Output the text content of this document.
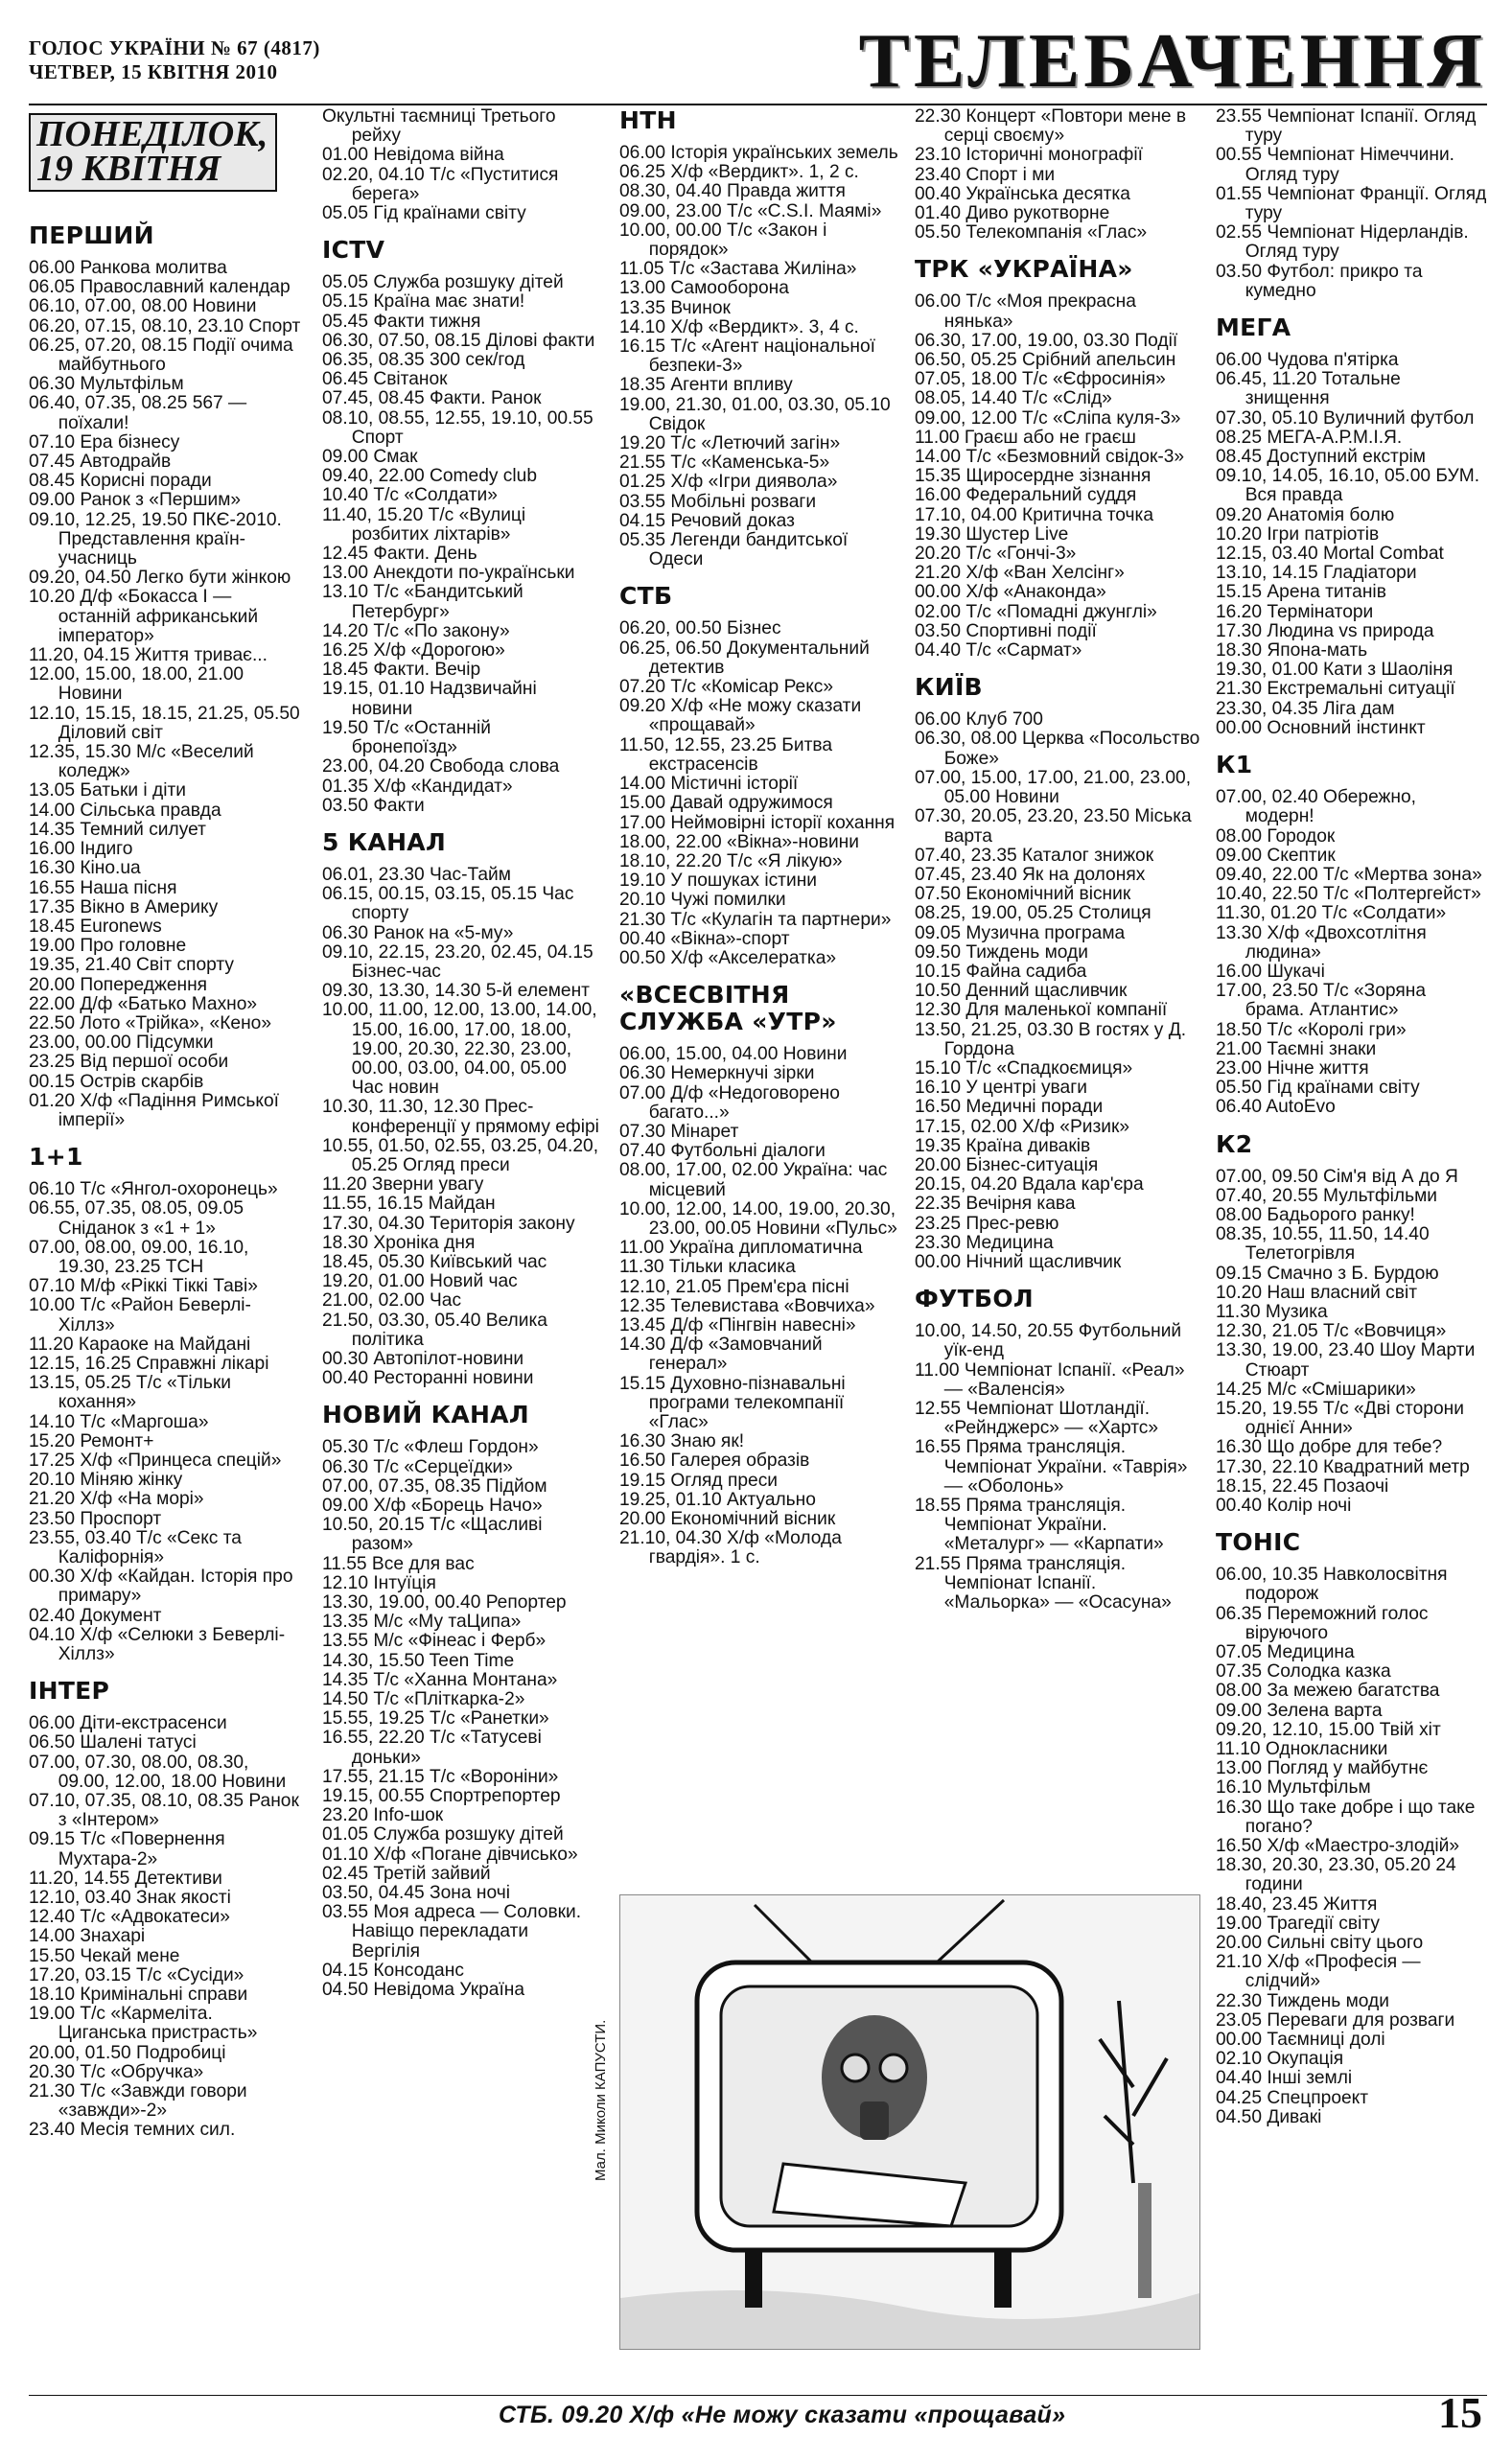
ГОЛОС УКРАЇНИ № 67 (4817)
ЧЕТВЕР, 15 КВІТНЯ 2010	ТЕЛЕБАЧЕННЯ
ПОНЕДІЛОК,
19 КВІТНЯ
ПЕРШИЙ
06.00 Ранкова молитва
06.05 Православний календар
06.10, 07.00, 08.00 Новини
06.20, 07.15, 08.10, 23.10 Спорт
06.25, 07.20, 08.15 Події очима майбутнього
06.30 Мультфільм
06.40, 07.35, 08.25 567 — поїхали!
07.10 Ера бізнесу
07.45 Автодрайв
08.45 Корисні поради
09.00 Ранок з «Першим»
09.10, 12.25, 19.50 ПКЄ-2010. Представлення країн-учасниць
09.20, 04.50 Легко бути жінкою
10.20 Д/ф «Бокасса I — останній африканський імператор»
11.20, 04.15 Життя триває...
12.00, 15.00, 18.00, 21.00 Новини
12.10, 15.15, 18.15, 21.25, 05.50 Діловий світ
12.35, 15.30 М/с «Веселий коледж»
13.05 Батьки і діти
14.00 Сільська правда
14.35 Темний силует
16.00 Індиго
16.30 Кіно.ua
16.55 Наша пісня
17.35 Вікно в Америку
18.45 Euronews
19.00 Про головне
19.35, 21.40 Світ спорту
20.00 Попередження
22.00 Д/ф «Батько Махно»
22.50 Лото «Трійка», «Кено»
23.00, 00.00 Підсумки
23.25 Від першої особи
00.15 Острів скарбів
01.20 Х/ф «Падіння Римської імперії»
1+1
06.10 Т/с «Янгол-охоронець»
06.55, 07.35, 08.05, 09.05 Сніданок з «1 + 1»
07.00, 08.00, 09.00, 16.10, 19.30, 23.25 ТСН
07.10 М/ф «Ріккі Тіккі Таві»
10.00 Т/с «Район Беверлі-Хіллз»
11.20 Караоке на Майдані
12.15, 16.25 Справжні лікарі
13.15, 05.25 Т/с «Тільки кохання»
14.10 Т/с «Маргоша»
15.20 Ремонт+
17.25 Х/ф «Принцеса спецій»
20.10 Міняю жінку
21.20 Х/ф «На морі»
23.50 Проспорт
23.55, 03.40 Т/с «Секс та Каліфорнія»
00.30 Х/ф «Кайдан. Історія про примару»
02.40 Документ
04.10 Х/ф «Селюки з Беверлі-Хіллз»
ІНТЕР
06.00 Діти-екстрасенси
06.50 Шалені татусі
07.00, 07.30, 08.00, 08.30, 09.00, 12.00, 18.00 Новини
07.10, 07.35, 08.10, 08.35 Ранок з «Інтером»
09.15 Т/с «Повернення Мухтара-2»
11.20, 14.55 Детективи
12.10, 03.40 Знак якості
12.40 Т/с «Адвокатеси»
14.00 Знахарі
15.50 Чекай мене
17.20, 03.15 Т/с «Сусіди»
18.10 Кримінальні справи
19.00 Т/с «Кармеліта. Циганська пристрасть»
20.00, 01.50 Подробиці
20.30 Т/с «Обручка»
21.30 Т/с «Завжди говори «завжди»-2»
23.40 Месія темних сил.
Окультні таємниці Третього рейху
01.00 Невідома війна
02.20, 04.10 Т/с «Пуститися берега»
05.05 Гід країнами світу
ICTV
05.05 Служба розшуку дітей
05.15 Країна має знати!
05.45 Факти тижня
06.30, 07.50, 08.15 Ділові факти
06.35, 08.35 300 сек/год
06.45 Світанок
07.45, 08.45 Факти. Ранок
08.10, 08.55, 12.55, 19.10, 00.55 Спорт
09.00 Смак
09.40, 22.00 Comedy club
10.40 Т/с «Солдати»
11.40, 15.20 Т/с «Вулиці розбитих ліхтарів»
12.45 Факти. День
13.00 Анекдоти по-українськи
13.10 Т/с «Бандитський Петербург»
14.20 Т/с «По закону»
16.25 Х/ф «Дорогою»
18.45 Факти. Вечір
19.15, 01.10 Надзвичайні новини
19.50 Т/с «Останній бронепоїзд»
23.00, 04.20 Свобода слова
01.35 Х/ф «Кандидат»
03.50 Факти
5 КАНАЛ
06.01, 23.30 Час-Тайм
06.15, 00.15, 03.15, 05.15 Час спорту
06.30 Ранок на «5-му»
09.10, 22.15, 23.20, 02.45, 04.15 Бізнес-час
09.30, 13.30, 14.30 5-й елемент
10.00, 11.00, 12.00, 13.00, 14.00, 15.00, 16.00, 17.00, 18.00, 19.00, 20.30, 22.30, 23.00, 00.00, 03.00, 04.00, 05.00 Час новин
10.30, 11.30, 12.30 Прес-конференції у прямому ефірі
10.55, 01.50, 02.55, 03.25, 04.20, 05.25 Огляд преси
11.20 Зверни увагу
11.55, 16.15 Майдан
17.30, 04.30 Територія закону
18.30 Хроніка дня
18.45, 05.30 Київський час
19.20, 01.00 Новий час
21.00, 02.00 Час
21.50, 03.30, 05.40 Велика політика
00.30 Автопілот-новини
00.40 Ресторанні новини
НОВИЙ КАНАЛ
05.30 Т/с «Флеш Гордон»
06.30 Т/с «Серцеїдки»
07.00, 07.35, 08.35 Підйом
09.00 Х/ф «Борець Начо»
10.50, 20.15 Т/с «Щасливі разом»
11.55 Все для вас
12.10 Інтуїція
13.30, 19.00, 00.40 Репортер
13.35 М/с «Му таЦипа»
13.55 М/с «Фінеас і Ферб»
14.30, 15.50 Teen Time
14.35 Т/с «Ханна Монтана»
14.50 Т/с «Пліткарка-2»
15.55, 19.25 Т/с «Ранетки»
16.55, 22.20 Т/с «Татусеві доньки»
17.55, 21.15 Т/с «Вороніни»
19.15, 00.55 Спортрепортер
23.20 Info-шок
01.05 Служба розшуку дітей
01.10 Х/ф «Погане дівчисько»
02.45 Третій зайвий
03.50, 04.45 Зона ночі
03.55 Моя адреса — Соловки. Навіщо перекладати Вергілія
04.15 Консоданс
04.50 Невідома Україна
НТН
06.00 Історія українських земель
06.25 Х/ф «Вердикт». 1, 2 с.
08.30, 04.40 Правда життя
09.00, 23.00 Т/с «C.S.I. Маямі»
10.00, 00.00 Т/с «Закон і порядок»
11.05 Т/с «Застава Жиліна»
13.00 Самооборона
13.35 Вчинок
14.10 Х/ф «Вердикт». 3, 4 с.
16.15 Т/с «Агент національної безпеки-3»
18.35 Агенти впливу
19.00, 21.30, 01.00, 03.30, 05.10 Свідок
19.20 Т/с «Летючий загін»
21.55 Т/с «Каменська-5»
01.25 Х/ф «Ігри диявола»
03.55 Мобільні розваги
04.15 Речовий доказ
05.35 Легенди бандитської Одеси
СТБ
06.20, 00.50 Бізнес
06.25, 06.50 Документальний детектив
07.20 Т/с «Комісар Рекс»
09.20 Х/ф «Не можу сказати «прощавай»
11.50, 12.55, 23.25 Битва екстрасенсів
14.00 Містичні історії
15.00 Давай одружимося
17.00 Неймовірні історії кохання
18.00, 22.00 «Вікна»-новини
18.10, 22.20 Т/с «Я лікую»
19.10 У пошуках істини
20.10 Чужі помилки
21.30 Т/с «Кулагін та партнери»
00.40 «Вікна»-спорт
00.50 Х/ф «Акселератка»
«ВСЕСВІТНЯ СЛУЖБА «УТР»
06.00, 15.00, 04.00 Новини
06.30 Немеркнучі зірки
07.00 Д/ф «Недоговорено багато...»
07.30 Мінарет
07.40 Футбольні діалоги
08.00, 17.00, 02.00 Україна: час місцевий
10.00, 12.00, 14.00, 19.00, 20.30, 23.00, 00.05 Новини «Пульс»
11.00 Україна дипломатична
11.30 Тільки класика
12.10, 21.05 Прем'єра пісні
12.35 Телевистава «Вовчиха»
13.45 Д/ф «Пінгвін навесні»
14.30 Д/ф «Замовчаний генерал»
15.15 Духовно-пізнавальні програми телекомпанії «Глас»
16.30 Знаю як!
16.50 Галерея образів
19.15 Огляд преси
19.25, 01.10 Актуально
20.00 Економічний вісник
21.10, 04.30 Х/ф «Молода гвардія». 1 с.
22.30 Концерт «Повтори мене в серці своєму»
23.10 Історичні монографії
23.40 Спорт і ми
00.40 Українська десятка
01.40 Диво рукотворне
05.50 Телекомпанія «Глас»
ТРК «УКРАЇНА»
06.00 Т/с «Моя прекрасна нянька»
06.30, 17.00, 19.00, 03.30 Події
06.50, 05.25 Срібний апельсин
07.05, 18.00 Т/с «Єфросинія»
08.05, 14.40 Т/с «Слід»
09.00, 12.00 Т/с «Сліпа куля-3»
11.00 Граєш або не граєш
14.00 Т/с «Безмовний свідок-3»
15.35 Щиросердне зізнання
16.00 Федеральний суддя
17.10, 04.00 Критична точка
19.30 Шустер Live
20.20 Т/с «Гончі-3»
21.20 Х/ф «Ван Хелсінг»
00.00 Х/ф «Анаконда»
02.00 Т/с «Помадні джунглі»
03.50 Спортивні події
04.40 Т/с «Сармат»
КИЇВ
06.00 Клуб 700
06.30, 08.00 Церква «Посольство Боже»
07.00, 15.00, 17.00, 21.00, 23.00, 05.00 Новини
07.30, 20.05, 23.20, 23.50 Міська варта
07.40, 23.35 Каталог знижок
07.45, 23.40 Як на долонях
07.50 Економічний вісник
08.25, 19.00, 05.25 Столиця
09.05 Музична програма
09.50 Тиждень моди
10.15 Файна садиба
10.50 Денний щасливчик
12.30 Для маленької компанії
13.50, 21.25, 03.30 В гостях у Д. Гордона
15.10 Т/с «Спадкоємиця»
16.10 У центрі уваги
16.50 Медичні поради
17.15, 02.00 Х/ф «Ризик»
19.35 Країна диваків
20.00 Бізнес-ситуація
20.15, 04.20 Вдала кар'єра
22.35 Вечірня кава
23.25 Прес-ревю
23.30 Медицина
00.00 Нічний щасливчик
ФУТБОЛ
10.00, 14.50, 20.55 Футбольний уїк-енд
11.00 Чемпіонат Іспанії. «Реал» — «Валенсія»
12.55 Чемпіонат Шотландії. «Рейнджерс» — «Хартс»
16.55 Пряма трансляція. Чемпіонат України. «Таврія» — «Оболонь»
18.55 Пряма трансляція. Чемпіонат України. «Металург» — «Карпати»
21.55 Пряма трансляція. Чемпіонат Іспанії. «Мальорка» — «Осасуна»
23.55 Чемпіонат Іспанії. Огляд туру
00.55 Чемпіонат Німеччини. Огляд туру
01.55 Чемпіонат Франції. Огляд туру
02.55 Чемпіонат Нідерландів. Огляд туру
03.50 Футбол: прикро та кумедно
МЕГА
06.00 Чудова п'ятірка
06.45, 11.20 Тотальне знищення
07.30, 05.10 Вуличний футбол
08.25 МЕГА-А.Р.М.І.Я.
08.45 Доступний екстрім
09.10, 14.05, 16.10, 05.00 БУМ. Вся правда
09.20 Анатомія болю
10.20 Ігри патріотів
12.15, 03.40 Mortal Combat
13.10, 14.15 Гладіатори
15.15 Арена титанів
16.20 Термінатори
17.30 Людина vs природа
18.30 Япона-мать
19.30, 01.00 Кати з Шаоліня
21.30 Екстремальні ситуації
23.30, 04.35 Ліга дам
00.00 Основний інстинкт
К1
07.00, 02.40 Обережно, модерн!
08.00 Городок
09.00 Скептик
09.40, 22.00 Т/с «Мертва зона»
10.40, 22.50 Т/с «Полтергейст»
11.30, 01.20 Т/с «Солдати»
13.30 Х/ф «Двохсотлітня людина»
16.00 Шукачі
17.00, 23.50 Т/с «Зоряна брама. Атлантис»
18.50 Т/с «Королі гри»
21.00 Таємні знаки
23.00 Нічне життя
05.50 Гід країнами світу
06.40 AutoEvo
К2
07.00, 09.50 Сім'я від А до Я
07.40, 20.55 Мультфільми
08.00 Бадьорого ранку!
08.35, 10.55, 11.50, 14.40 Телетогрівля
09.15 Смачно з Б. Бурдою
10.20 Наш власний світ
11.30 Музика
12.30, 21.05 Т/с «Вовчиця»
13.30, 19.00, 23.40 Шоу Марти Стюарт
14.25 М/с «Смішарики»
15.20, 19.55 Т/с «Дві сторони однієї Анни»
16.30 Що добре для тебе?
17.30, 22.10 Квадратний метр
18.15, 22.45 Позаочі
00.40 Колір ночі
ТОНІС
06.00, 10.35 Навколосвітня подорож
06.35 Переможний голос віруючого
07.05 Медицина
07.35 Солодка казка
08.00 За межею багатства
09.00 Зелена варта
09.20, 12.10, 15.00 Твій хіт
11.10 Однокласники
13.00 Погляд у майбутнє
16.10 Мультфільм
16.30 Що таке добре і що таке погано?
16.50 Х/ф «Маестро-злодій»
18.30, 20.30, 23.30, 05.20 24 години
18.40, 23.45 Життя
19.00 Трагедії світу
20.00 Сильні світу цього
21.10 Х/ф «Професія — слідчий»
22.30 Тиждень моди
23.05 Переваги для розваги
00.00 Таємниці долі
02.10 Окупація
04.40 Інші землі
04.25 Спецпроект
04.50 Дивакі
Мал. Миколи КАПУСТИ.
СТБ. 09.20 Х/ф «Не можу сказати «прощавай»	15
